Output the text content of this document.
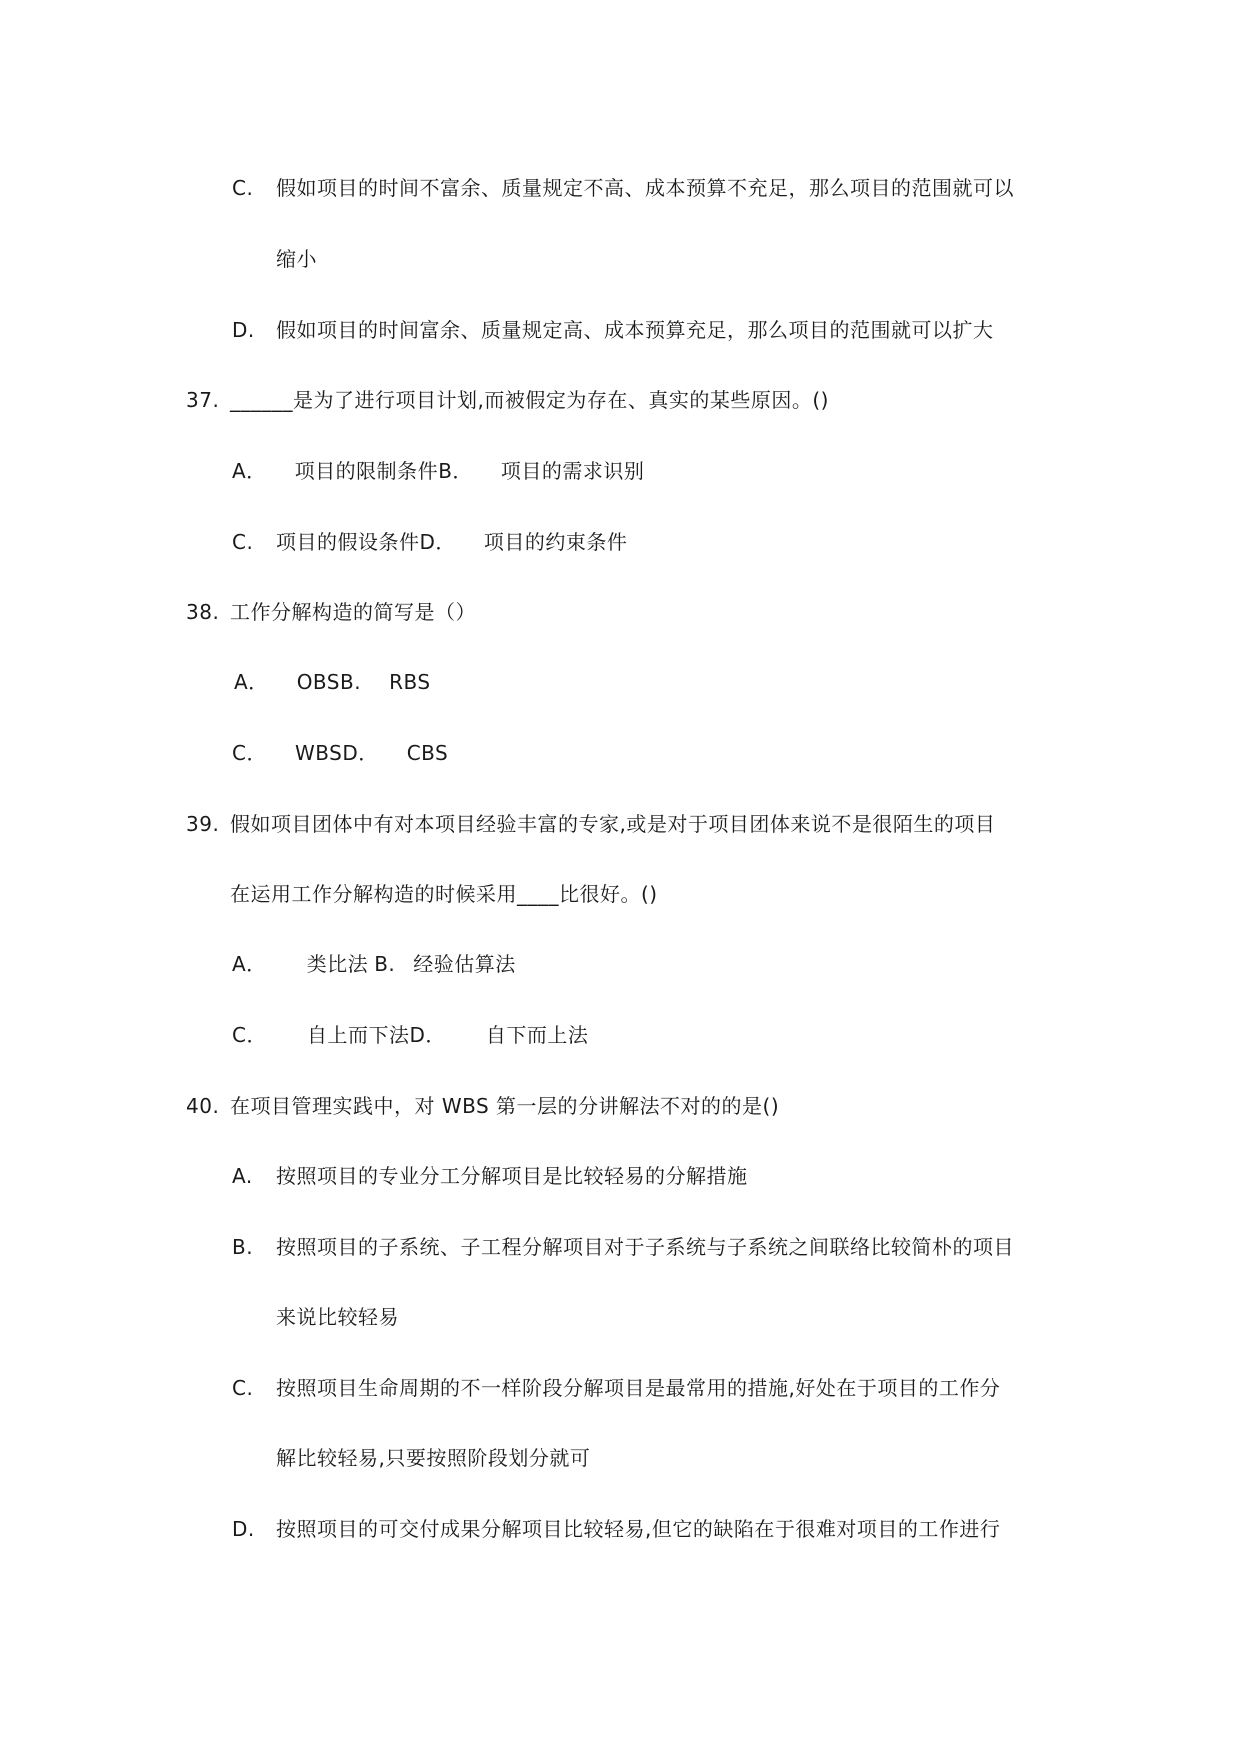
C. 假如项目的时间不富余、质量规定不高、成本预算不充足，那么项目的范围就可以
缩小
D. 假如项目的时间富余、质量规定高、成本预算充足，那么项目的范围就可以扩大
37. ______是为了进行项目计划,而被假定为存在、真实的某些原因。()
A． 项目的限制条件B． 项目的需求识别
C. 项目的假设条件D． 项目的约束条件
38. 工作分解构造的简写是（）
A． OBSB. RBS
C． WBSD． CBS
39. 假如项目团体中有对本项目经验丰富的专家,或是对于项目团体来说不是很陌生的项目
在运用工作分解构造的时候采用____比很好。()
A． 类比法 B. 经验估算法
C． 自上而下法D． 自下而上法
40. 在项目管理实践中，对 WBS 第一层的分讲解法不对的的是()
A. 按照项目的专业分工分解项目是比较轻易的分解措施
B. 按照项目的子系统、子工程分解项目对于子系统与子系统之间联络比较简朴的项目
来说比较轻易
C. 按照项目生命周期的不一样阶段分解项目是最常用的措施,好处在于项目的工作分
解比较轻易,只要按照阶段划分就可
D. 按照项目的可交付成果分解项目比较轻易,但它的缺陷在于很难对项目的工作进行
